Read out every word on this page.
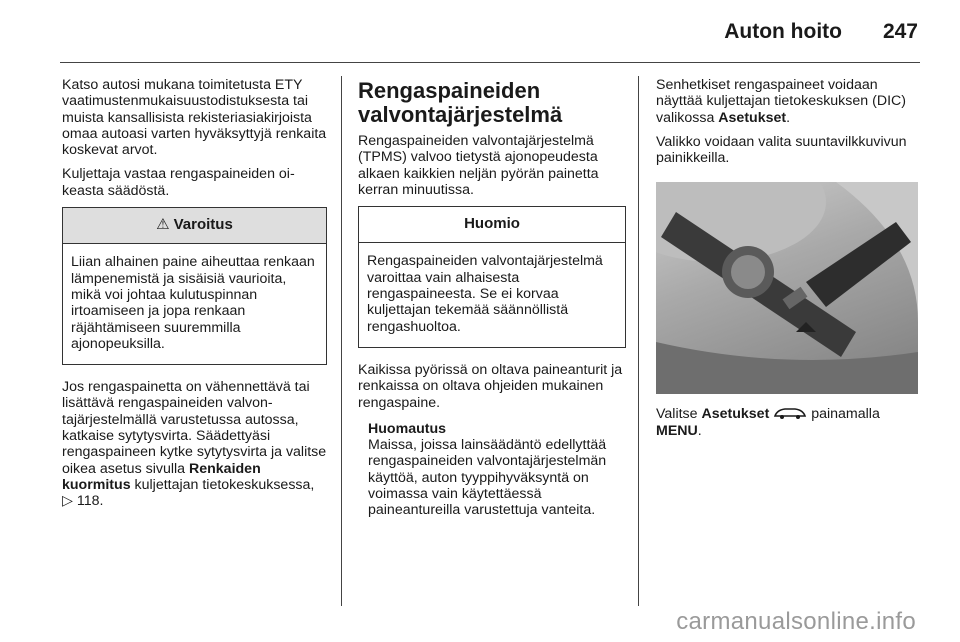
Auton hoito 247

Katso autosi mukana toimitetusta ETY vaatimustenmukaisuustodistuksesta tai muista kansallisista rekisteriasiakirjoista omaa autoasi varten hyväksyttyjä renkaita koskevat arvot.

Kuljettaja vastaa rengaspaineiden oikeasta säädöstä.

⚠ Varoitus
Liian alhainen paine aiheuttaa renkaan lämpenemistä ja sisäisiä vaurioita, mikä voi johtaa kulutuspinnan irtoamiseen ja jopa renkaan räjähtämiseen suuremmilla ajonopeuksilla.

Jos rengaspainetta on vähennettävä tai lisättävä rengaspaineiden valvontajärjestelmällä varustetussa autossa, katkaise sytytysvirta. Säädettyäsi rengaspaineen kytke sytytysvirta ja valitse oikea asetus sivulla Renkaiden kuormitus kuljettajan tietokeskuksessa, ▷ 118.

Rengaspaineiden valvontajärjestelmä

Rengaspaineiden valvontajärjestelmä (TPMS) valvoo tietystä ajonopeudesta alkaen kaikkien neljän pyörän painetta kerran minuutissa.

Huomio
Rengaspaineiden valvontajärjestelmä varoittaa vain alhaisesta rengaspaineesta. Se ei korvaa kuljettajan tekemää säännöllistä rengashuoltoa.

Kaikissa pyörissä on oltava paineanturit ja renkaissa on oltava ohjeiden mukainen rengaspaine.

Huomautus
Maissa, joissa lainsäädäntö edellyttää rengaspaineiden valvontajärjestelmän käyttöä, auton tyyppihyväksyntä on voimassa vain käytettäessä paineantureilla varustettuja vanteita.

Senhetkiset rengaspaineet voidaan näyttää kuljettajan tietokeskuksen (DIC) valikossa Asetukset.

Valikko voidaan valita suuntavilkkuvivun painikkeilla.

Valitse Asetukset	painamalla MENU.

carmanualsonline.info
